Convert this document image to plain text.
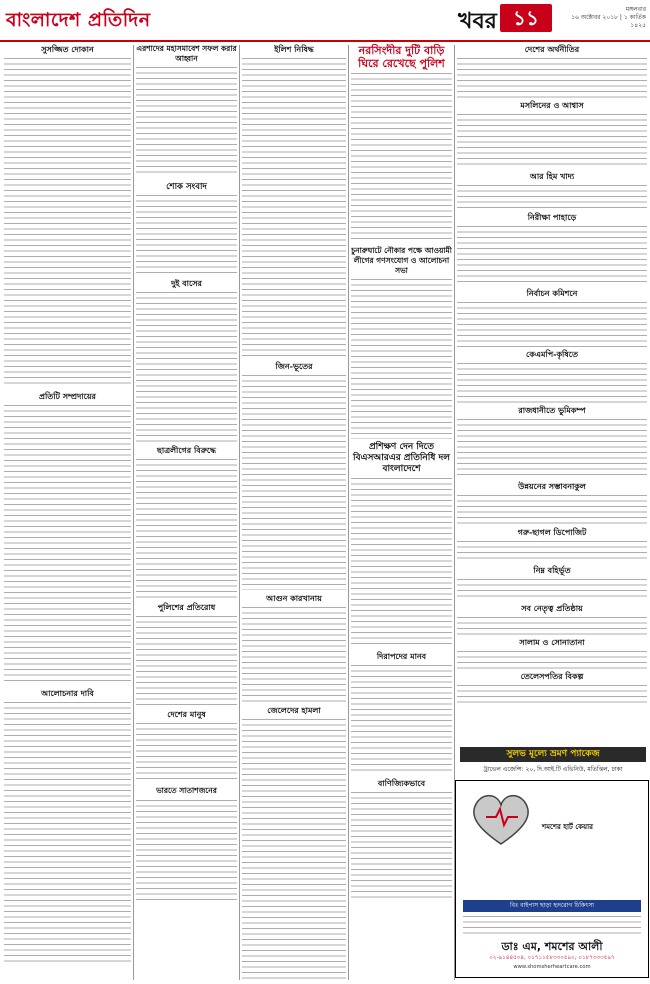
বাংলাদেশ প্রতিদিন	খবর ১১	মঙ্গলবার
১৬ অক্টোবর ২০১৮ | ১ কার্তিক ১৪২৫
সুসজ্জিত দোকান
প্রতিটি সম্প্রদায়ের
আলোচনার দাবি
এরশাদের মহাসমাবেশ সফল করার আহ্বান
শোক সংবাদ
দুই বাসের
ছাত্রলীগের বিরুদ্ধে
পুলিশের প্রতিরোধ
দেশের মানুষ
ভারতে সাতাশজনের
ইলিশ নিষিদ্ধ
জিন-ভূতের
আগুন কারখানায়
জেলেদের হামলা
নরসিংদীর দুটি বাড়ি ঘিরে রেখেছে পুলিশ
চুনারুঘাটে নৌকার পক্ষে আওয়ামী লীগের গণসংযোগ ও আলোচনা সভা
প্রশিক্ষণ দেন দিতে বিএসআরএর প্রতিনিধি দল বাংলাদেশে
দিরাপদের মানব
বাণিজ্যিকভাবে
দেশের অর্থনীতির
মসলিনের ও আশ্বাস
আর হিম খাদ্য
নিরীক্ষা পাহাড়ে
নির্বাচন কমিশনে
কেএমপি-কৃষিতে
রাজধানীতে ভুমিকম্প
উন্নয়নের সম্ভাবনাকুল
গরু-ছাগল ডিপোজিট
নিম্ন বহির্ভূত
সব নেতৃত্ব প্রতিষ্ঠায়
সালাম ও সোনাতানা
তেলেসপতির বিকল্প
সুলভ মূল্যে ভ্রমণ প্যাকেজ
ট্রাভেল এজেন্সি: ২০, দি.আই.টি এভিনিউ, মতিঝিল, ঢাকা
শমশের হার্ট কেয়ার
বিঃ বাইপাস ছাড়া হৃদরোগ চিকিৎসা
ডাঃ এম, শমশের আলী
০২-৯১৪৪৫০৪, ০১৭১১৫৮৩৩০৫৯০, ০১৮৭৩৩৩৫৯৭
www.shomsherheartcare.com
